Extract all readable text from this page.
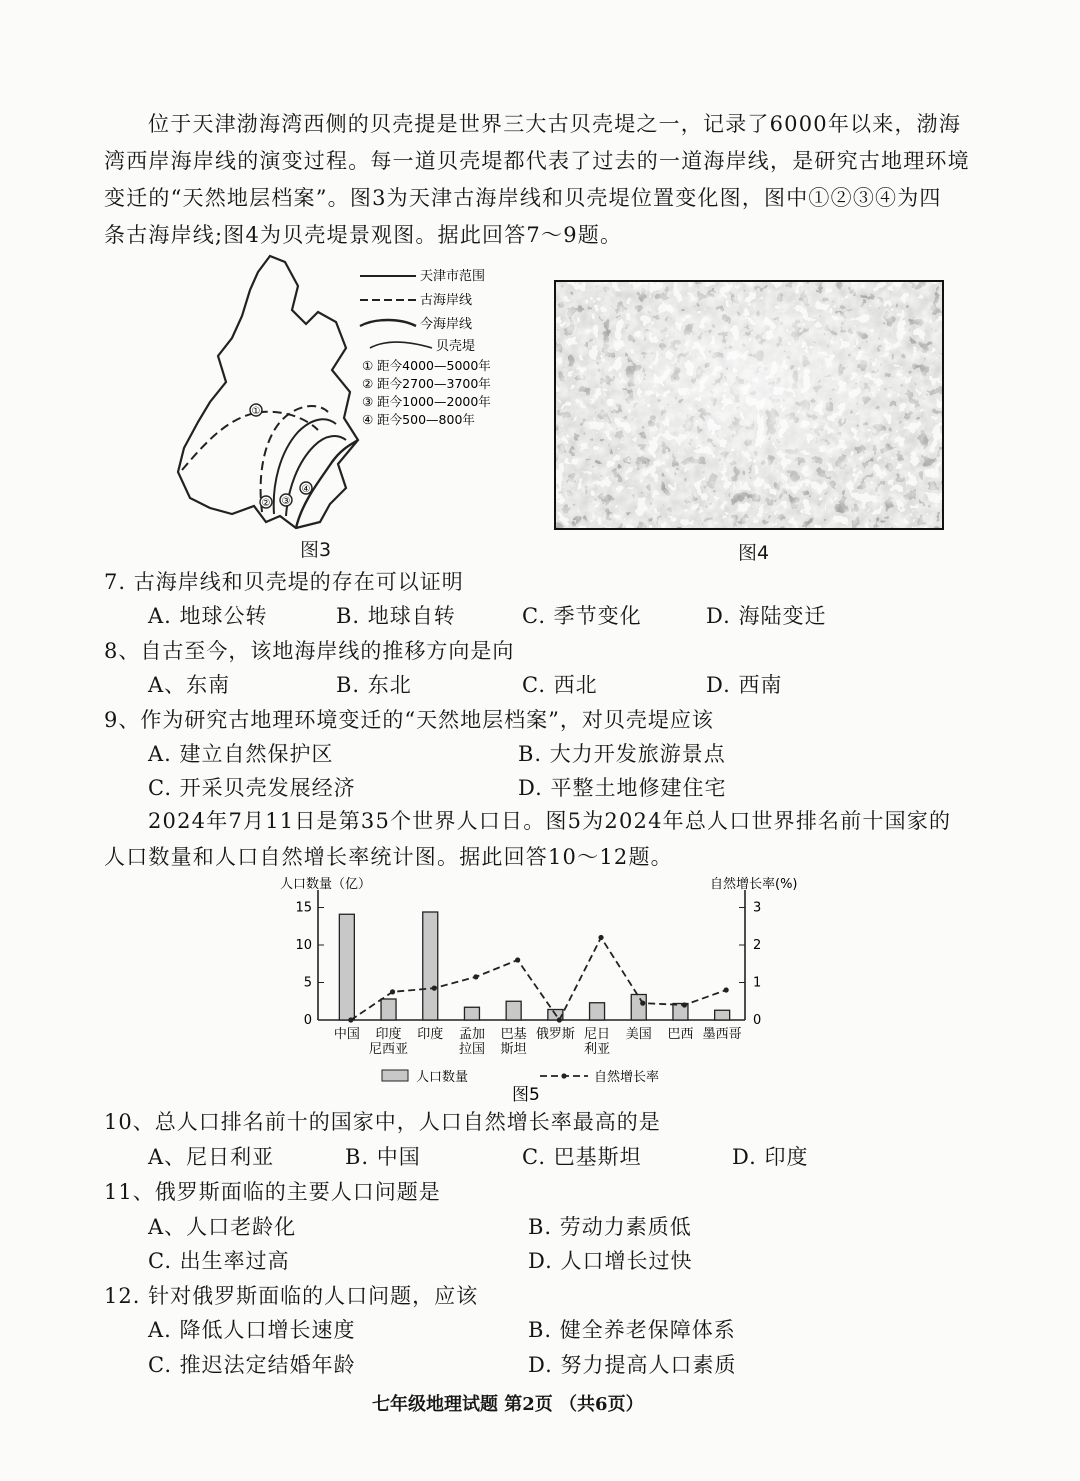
位于天津渤海湾西侧的贝壳提是世界三大古贝壳堤之一，记录了6000年以来，渤海
湾西岸海岸线的演变过程。每一道贝壳堤都代表了过去的一道海岸线，是研究古地理环境
变迁的“天然地层档案”。图3为天津古海岸线和贝壳堤位置变化图，图中①②③④为四
条古海岸线;图4为贝壳堤景观图。据此回答7～9题。
①
② ③
④
天津市范围
古海岸线
今海岸线
贝壳堤
① 距今4000—5000年
② 距今2700—3700年
③ 距今1000—2000年
④ 距今500—800年
图3	图4
7. 古海岸线和贝壳堤的存在可以证明
A. 地球公转	B. 地球自转	C. 季节变化	D. 海陆变迁
8、自古至今，该地海岸线的推移方向是向
A、东南	B. 东北	C. 西北	D. 西南
9、作为研究古地理环境变迁的“天然地层档案”，对贝壳堤应该
A. 建立自然保护区	B. 大力开发旅游景点
C. 开采贝壳发展经济	D. 平整土地修建住宅
2024年7月11日是第35个世界人口日。图5为2024年总人口世界排名前十国家的
人口数量和人口自然增长率统计图。据此回答10～12题。
人口数量（亿）	自然增长率(%)
0
5
10
15
0
1
2
3
中国 印度
尼西亚
印度 孟加
拉国
巴基
斯坦
俄罗斯 尼日
利亚
美国 巴西 墨西哥
人口数量	自然增长率
图5
10、总人口排名前十的国家中，人口自然增长率最高的是
A、尼日利亚	B. 中国	C. 巴基斯坦	D. 印度
11、俄罗斯面临的主要人口问题是
A、人口老龄化	B. 劳动力素质低
C. 出生率过高	D. 人口增长过快
12. 针对俄罗斯面临的人口问题，应该
A. 降低人口增长速度	B. 健全养老保障体系
C. 推迟法定结婚年龄	D. 努力提高人口素质
七年级地理试题 第2页 （共6页）
